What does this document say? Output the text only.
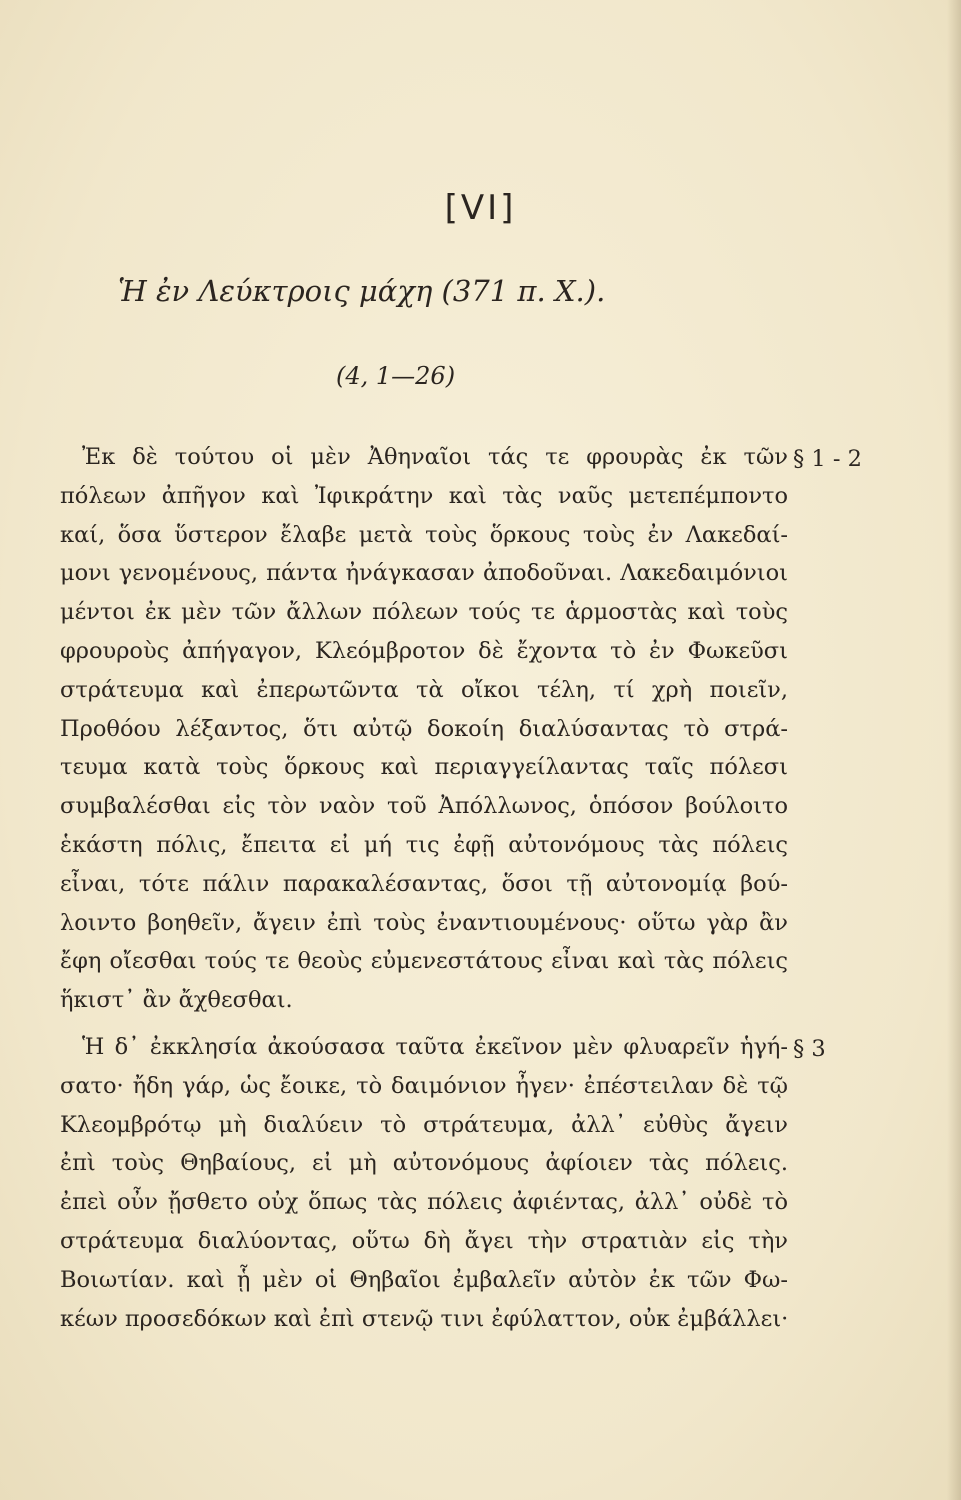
[VI]
Ἡ ἐν Λεύκτροις μάχη (371 π. Χ.).
(4, 1—26)
§ 1 - 2
§ 3
Ἐκ δὲ τούτου οἱ μὲν Ἀθηναῖοι τάς τε φρουρὰς ἐκ τῶν
πόλεων ἀπῆγον καὶ Ἰφικράτην καὶ τὰς ναῦς μετεπέμποντο
καί, ὅσα ὕστερον ἔλαβε μετὰ τοὺς ὅρκους τοὺς ἐν Λακεδαί-
μονι γενομένους, πάντα ἠνάγκασαν ἀποδοῦναι. Λακεδαιμόνιοι
μέντοι ἐκ μὲν τῶν ἄλλων πόλεων τούς τε ἁρμοστὰς καὶ τοὺς
φρουροὺς ἀπήγαγον, Κλεόμβροτον δὲ ἔχοντα τὸ ἐν Φωκεῦσι
στράτευμα καὶ ἐπερωτῶντα τὰ οἴκοι τέλη, τί χρὴ ποιεῖν,
Προθόου λέξαντος, ὅτι αὐτῷ δοκοίη διαλύσαντας τὸ στρά-
τευμα κατὰ τοὺς ὅρκους καὶ περιαγγείλαντας ταῖς πόλεσι
συμβαλέσθαι εἰς τὸν ναὸν τοῦ Ἀπόλλωνος, ὁπόσον βούλοιτο
ἑκάστη πόλις, ἔπειτα εἰ μή τις ἐφῇ αὐτονόμους τὰς πόλεις
εἶναι, τότε πάλιν παρακαλέσαντας, ὅσοι τῇ αὐτονομίᾳ βού-
λοιντο βοηθεῖν, ἄγειν ἐπὶ τοὺς ἐναντιουμένους· οὕτω γὰρ ἂν
ἔφη οἴεσθαι τούς τε θεοὺς εὐμενεστάτους εἶναι καὶ τὰς πόλεις
ἥκιστ᾽ ἂν ἄχθεσθαι.
Ἡ δ᾽ ἐκκλησία ἀκούσασα ταῦτα ἐκεῖνον μὲν φλυαρεῖν ἡγή-
σατο· ἤδη γάρ, ὡς ἔοικε, τὸ δαιμόνιον ἦγεν· ἐπέστειλαν δὲ τῷ
Κλεομβρότῳ μὴ διαλύειν τὸ στράτευμα, ἀλλ᾽ εὐθὺς ἄγειν
ἐπὶ τοὺς Θηβαίους, εἰ μὴ αὐτονόμους ἀφίοιεν τὰς πόλεις.
ἐπεὶ οὖν ᾔσθετο οὐχ ὅπως τὰς πόλεις ἀφιέντας, ἀλλ᾽ οὐδὲ τὸ
στράτευμα διαλύοντας, οὕτω δὴ ἄγει τὴν στρατιὰν εἰς τὴν
Βοιωτίαν. καὶ ᾗ μὲν οἱ Θηβαῖοι ἐμβαλεῖν αὐτὸν ἐκ τῶν Φω-
κέων προσεδόκων καὶ ἐπὶ στενῷ τινι ἐφύλαττον, οὐκ ἐμβάλλει·
